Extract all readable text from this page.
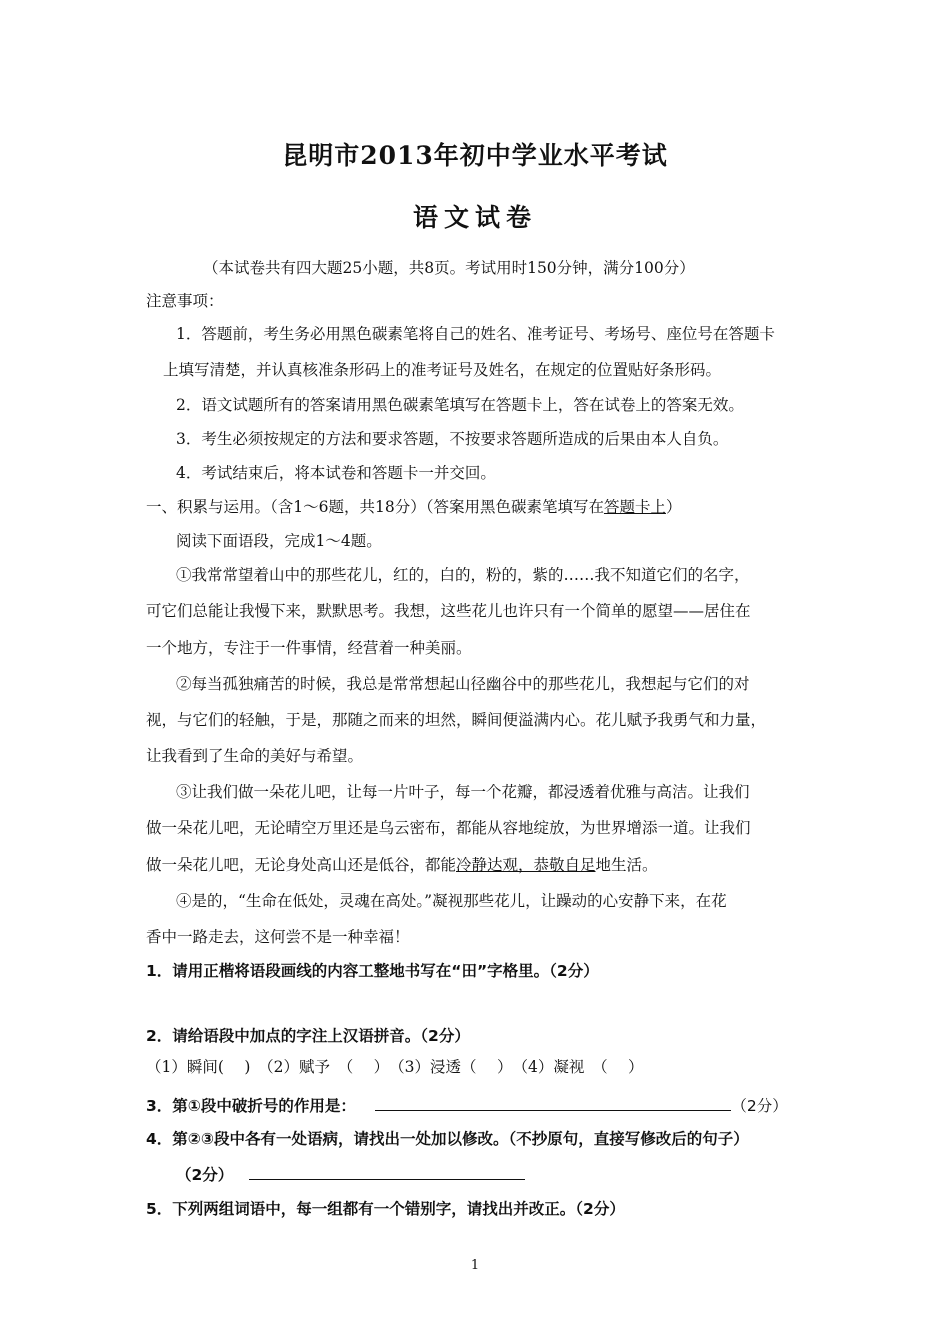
昆明市2013年初中学业水平考试
语文试卷
（本试卷共有四大题25小题，共8页。考试用时150分钟，满分100分）
注意事项：
1．答题前，考生务必用黑色碳素笔将自己的姓名、准考证号、考场号、座位号在答题卡
上填写清楚，并认真核准条形码上的准考证号及姓名，在规定的位置贴好条形码。
2．语文试题所有的答案请用黑色碳素笔填写在答题卡上，答在试卷上的答案无效。
3．考生必须按规定的方法和要求答题，不按要求答题所造成的后果由本人自负。
4．考试结束后，将本试卷和答题卡一并交回。
一、积累与运用。（含1～6题，共18分）（答案用黑色碳素笔填写在答题卡上）
阅读下面语段，完成1～4题。
①我常常望着山中的那些花儿，红的，白的，粉的，紫的……我不知道它们的名字，
可它们总能让我慢下来，默默思考。我想，这些花儿也许只有一个简单的愿望——居住在
一个地方，专注于一件事情，经营着一种美丽。
②每当孤独痛苦的时候，我总是常常想起山径幽谷中的那些花儿，我想起与它们的对
视，与它们的轻触，于是，那随之而来的坦然，瞬间便溢满内心。花儿赋予我勇气和力量，
让我看到了生命的美好与希望。
③让我们做一朵花儿吧，让每一片叶子，每一个花瓣，都浸透着优雅与高洁。让我们
做一朵花儿吧，无论晴空万里还是乌云密布，都能从容地绽放，为世界增添一道。让我们
做一朵花儿吧，无论身处高山还是低谷，都能冷静达观，恭敬自足地生活。
④是的，“生命在低处，灵魂在高处。”凝视那些花儿，让躁动的心安静下来，在花
香中一路走去，这何尝不是一种幸福！
1．请用正楷将语段画线的内容工整地书写在“田”字格里。（2分）
2．请给语段中加点的字注上汉语拼音。（2分）
（1）瞬间(　 )　（2）赋予　（　 ）　（3）浸透（　 ）　（4）凝视　（　 ）
3．第①段中破折号的作用是：	（2分）
4．第②③段中各有一处语病，请找出一处加以修改。（不抄原句，直接写修改后的句子）
（2分）
5．下列两组词语中，每一组都有一个错别字，请找出并改正。（2分）
1
